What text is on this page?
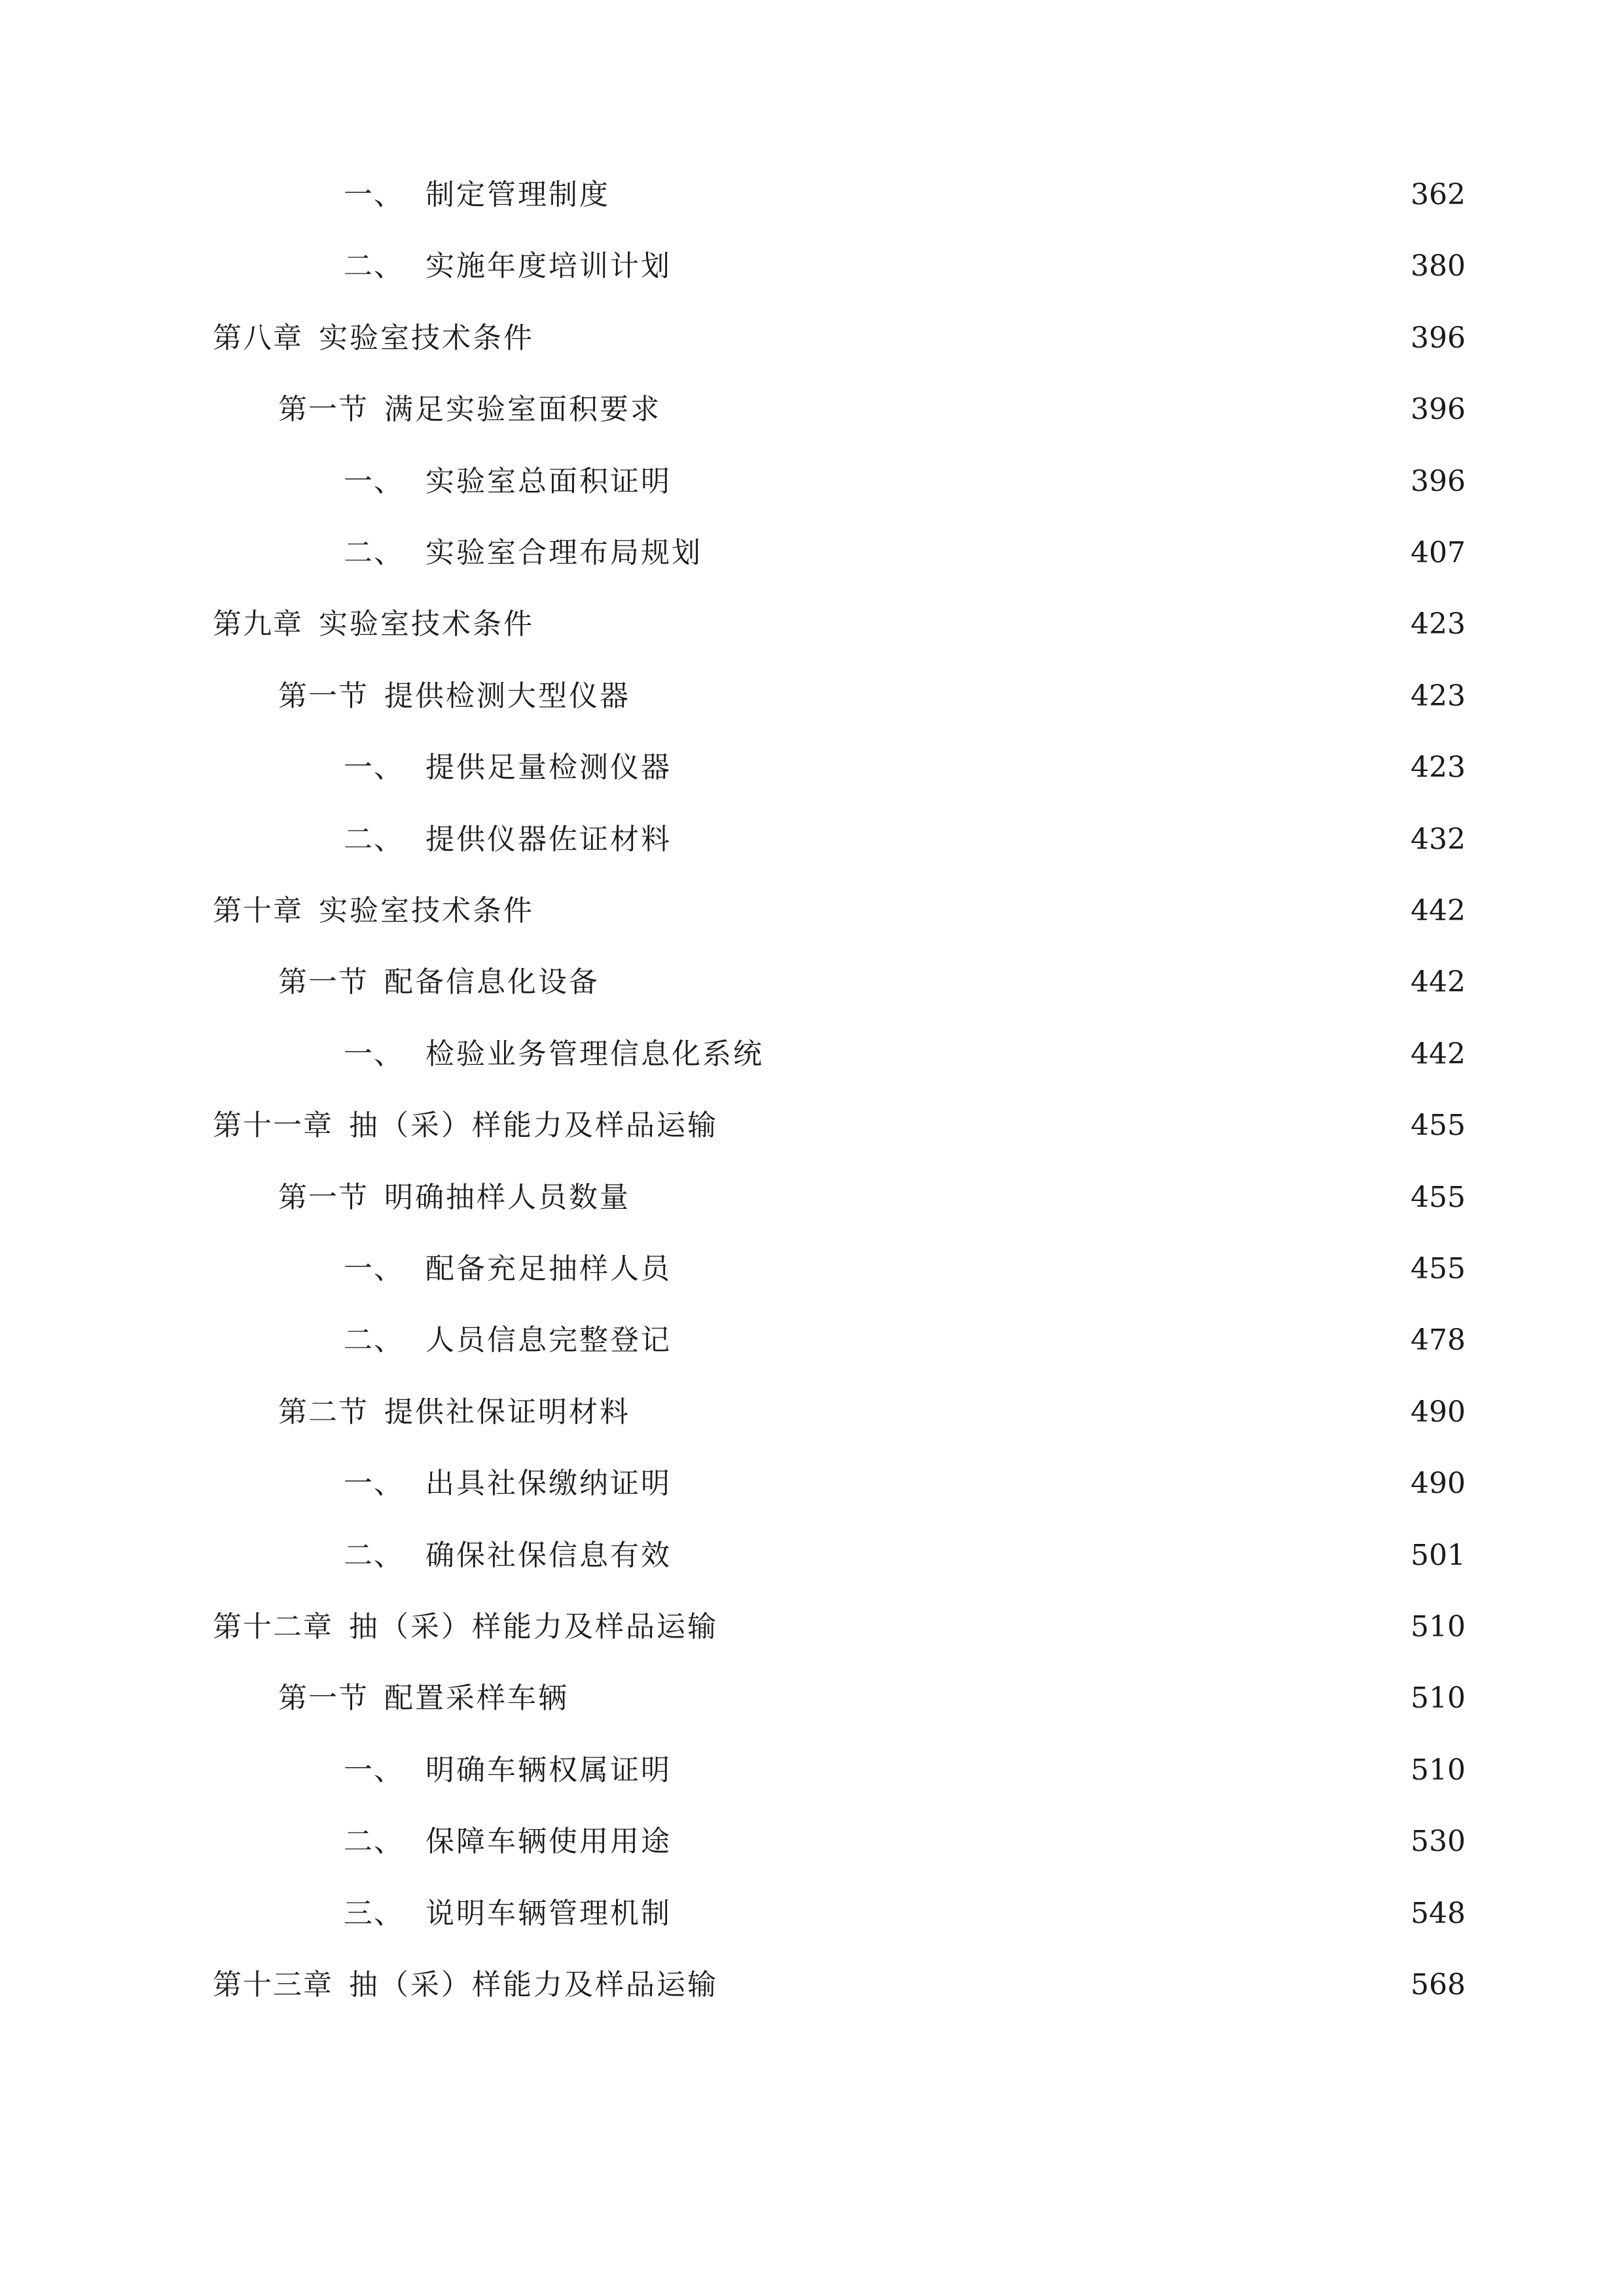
一、 制定管理制度	362
二、 实施年度培训计划	380
第八章 实验室技术条件	396
第一节 满足实验室面积要求	396
一、 实验室总面积证明	396
二、 实验室合理布局规划	407
第九章 实验室技术条件	423
第一节 提供检测大型仪器	423
一、 提供足量检测仪器	423
二、 提供仪器佐证材料	432
第十章 实验室技术条件	442
第一节 配备信息化设备	442
一、 检验业务管理信息化系统	442
第十一章 抽（采）样能力及样品运输	455
第一节 明确抽样人员数量	455
一、 配备充足抽样人员	455
二、 人员信息完整登记	478
第二节 提供社保证明材料	490
一、 出具社保缴纳证明	490
二、 确保社保信息有效	501
第十二章 抽（采）样能力及样品运输	510
第一节 配置采样车辆	510
一、 明确车辆权属证明	510
二、 保障车辆使用用途	530
三、 说明车辆管理机制	548
第十三章 抽（采）样能力及样品运输	568
